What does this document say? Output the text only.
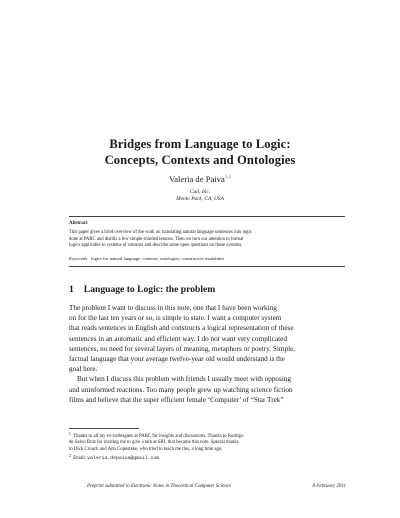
Bridges from Language to Logic:
Concepts, Contexts and Ontologies
Valeria de Paiva$^{1,2}$
Cuil, Inc.
Menlo Park, CA, USA
Abstract
This paper gives a brief overview of the work on translating natural language sentences into logic
done at PARC and distills a few simple-minded lessons. Then we turn our attention to formal
logics applicable to systems of contexts and describe some open questions on those systems.
Keywords: logics for natural language, contexts, ontologies, constructive modalities
1 Language to Logic: the problem
The problem I want to discuss in this note, one that I have been working
on for the last ten years or so, is simple to state. I want a computer system
that reads sentences in English and constructs a logical representation of these
sentences in an automatic and efficient way. I do not want very complicated
sentences, no need for several layers of meaning, metaphors or poetry. Simple,
factual language that your average twelve-year old would understand is the
goal here.
But when I discuss this problem with friends I usually meet with opposing
and uninformed reactions. Too many people grew up watching science fiction
films and believe that the super efficient female ‘Computer’ of “Star Trek”
$^1$ Thanks to all my ex-colleagues at PARC for insights and discussions. Thanks to Rodrigo
de Salvo Braz for inviting me to give a talk at SRI, that became this note. Special thanks
to Dick Crouch and Ann Copestake, who tried to teach me this, a long time ago.
$^2$ Email: valeria.depaiva@gmail.com.
Preprint submitted to Electronic Notes in Theoretical Computer Science	8 February 2011
